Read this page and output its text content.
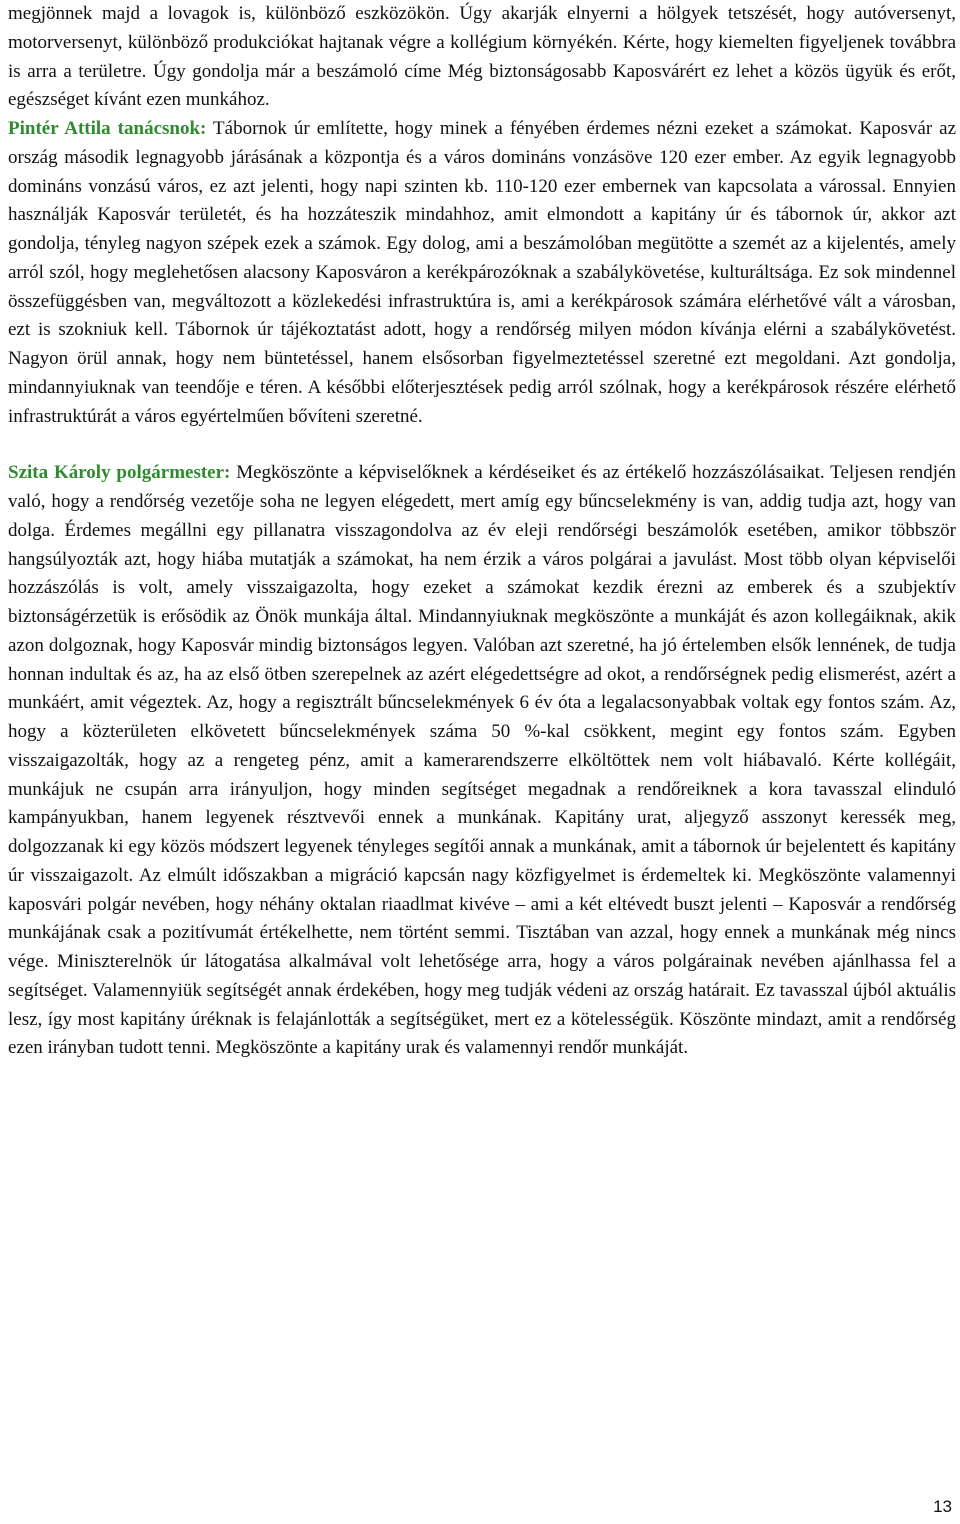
megjönnek majd a lovagok is, különböző eszközökön. Úgy akarják elnyerni a hölgyek tetszését, hogy autóversenyt, motorversenyt, különböző produkciókat hajtanak végre a kollégium környékén. Kérte, hogy kiemelten figyeljenek továbbra is arra a területre. Úgy gondolja már a beszámoló címe Még biztonságosabb Kaposvárért ez lehet a közös ügyük és erőt, egészséget kívánt ezen munkához.

Pintér Attila tanácsnok: Tábornok úr említette, hogy minek a fényében érdemes nézni ezeket a számokat. Kaposvár az ország második legnagyobb járásának a központja és a város domináns vonzásöve 120 ezer ember. Az egyik legnagyobb domináns vonzású város, ez azt jelenti, hogy napi szinten kb. 110-120 ezer embernek van kapcsolata a várossal. Ennyien használják Kaposvár területét, és ha hozzáteszik mindahhoz, amit elmondott a kapitány úr és tábornok úr, akkor azt gondolja, tényleg nagyon szépek ezek a számok. Egy dolog, ami a beszámolóban megütötte a szemét az a kijelentés, amely arról szól, hogy meglehetősen alacsony Kaposváron a kerékpározóknak a szabálykövetése, kulturáltsága. Ez sok mindennel összefüggésben van, megváltozott a közlekedési infrastruktúra is, ami a kerékpárosok számára elérhetővé vált a városban, ezt is szokniuk kell. Tábornok úr tájékoztatást adott, hogy a rendőrség milyen módon kívánja elérni a szabálykövetést. Nagyon örül annak, hogy nem büntetéssel, hanem elsősorban figyelmeztetéssel szeretné ezt megoldani. Azt gondolja, mindannyiuknak van teendője e téren. A későbbi előterjesztések pedig arról szólnak, hogy a kerékpárosok részére elérhető infrastruktúrát a város egyértelműen bővíteni szeretné.

Szita Károly polgármester: Megköszönte a képviselőknek a kérdéseiket és az értékelő hozzászólásaikat. Teljesen rendjén való, hogy a rendőrség vezetője soha ne legyen elégedett, mert amíg egy bűncselekmény is van, addig tudja azt, hogy van dolga. Érdemes megállni egy pillanatra visszagondolva az év eleji rendőrségi beszámolók esetében, amikor többször hangsúlyozták azt, hogy hiába mutatják a számokat, ha nem érzik a város polgárai a javulást. Most több olyan képviselői hozzászólás is volt, amely visszaigazolta, hogy ezeket a számokat kezdik érezni az emberek és a szubjektív biztonságérzetük is erősödik az Önök munkája által. Mindannyiuknak megköszönte a munkáját és azon kollegáiknak, akik azon dolgoznak, hogy Kaposvár mindig biztonságos legyen. Valóban azt szeretné, ha jó értelemben elsők lennének, de tudja honnan indultak és az, ha az első ötben szerepelnek az azért elégedettségre ad okot, a rendőrségnek pedig elismerést, azért a munkáért, amit végeztek. Az, hogy a regisztrált bűncselekmények 6 év óta a legalacsonyabbak voltak egy fontos szám. Az, hogy a közterületen elkövetett bűncselekmények száma 50 %-kal csökkent, megint egy fontos szám. Egyben visszaigazolták, hogy az a rengeteg pénz, amit a kamerarendszerre elköltöttek nem volt hiábavaló. Kérte kollégáit, munkájuk ne csupán arra irányuljon, hogy minden segítséget megadnak a rendőreiknek a kora tavasszal elinduló kampányukban, hanem legyenek résztvevői ennek a munkának. Kapitány urat, aljegyző asszonyt keressék meg, dolgozzanak ki egy közös módszert legyenek tényleges segítői annak a munkának, amit a tábornok úr bejelentett és kapitány úr visszaigazolt. Az elmúlt időszakban a migráció kapcsán nagy közfigyelmet is érdemeltek ki. Megköszönte valamennyi kaposvári polgár nevében, hogy néhány oktalan riaadlmat kivéve – ami a két eltévedt buszt jelenti – Kaposvár a rendőrség munkájának csak a pozitívumát értékelhette, nem történt semmi. Tisztában van azzal, hogy ennek a munkának még nincs vége. Miniszterelnök úr látogatása alkalmával volt lehetősége arra, hogy a város polgárainak nevében ajánlhassa fel a segítséget. Valamennyiük segítségét annak érdekében, hogy meg tudják védeni az ország határait. Ez tavasszal újból aktuális lesz, így most kapitány úréknak is felajánlották a segítségüket, mert ez a kötelességük. Köszönte mindazt, amit a rendőrség ezen irányban tudott tenni. Megköszönte a kapitány urak és valamennyi rendőr munkáját.

13
